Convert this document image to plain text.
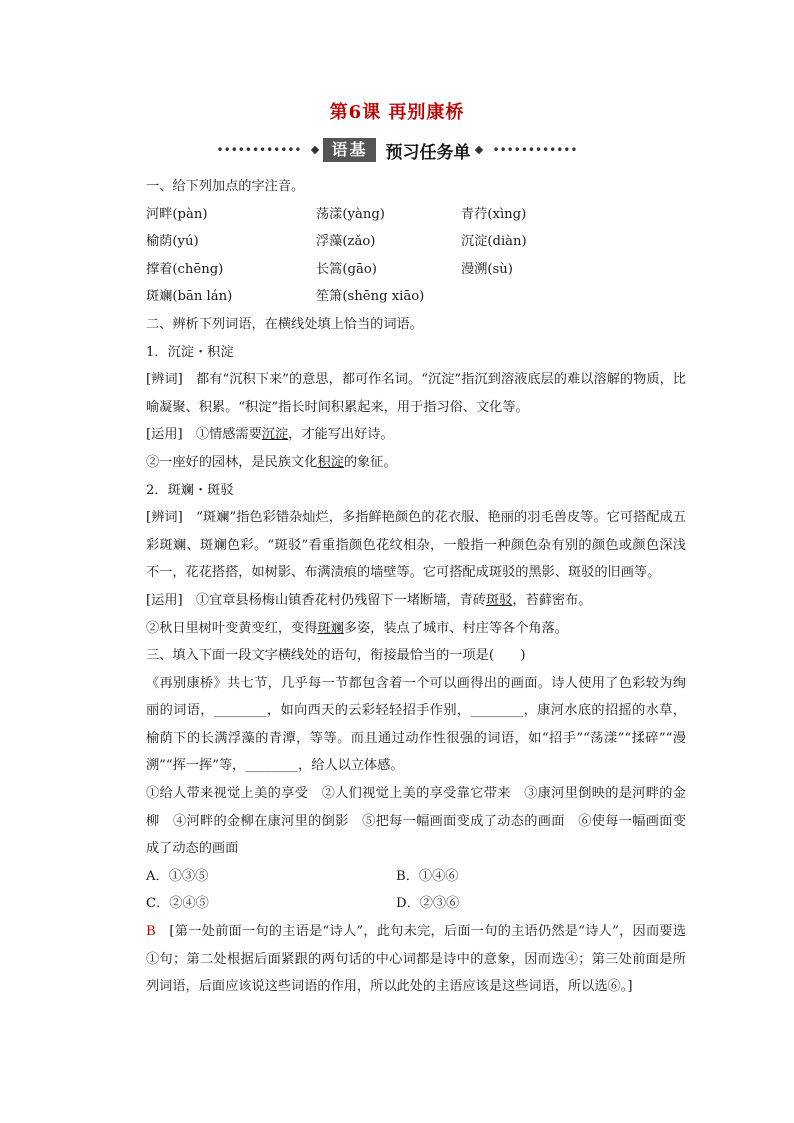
第6课 再别康桥
••••••••••••	语基	预习任务单 ••••••••••••
一、给下列加点的字注音。
河畔(pàn)	荡漾(yàng)	青荇(xìng)
榆荫(yú)	浮藻(zǎo)	沉淀(diàn)
撑着(chēng)	长篙(gāo)	漫溯(sù)
斑斓(bān lán)	笙箫(shēng xiāo)
二、辨析下列词语，在横线处填上恰当的词语。
1．沉淀・积淀
[辨词]　都有“沉积下来”的意思，都可作名词。“沉淀”指沉到溶液底层的难以溶解的物质，比喻凝聚、积累。“积淀”指长时间积累起来，用于指习俗、文化等。
[运用]　①情感需要沉淀，才能写出好诗。
②一座好的园林，是民族文化积淀的象征。
2．斑斓・斑驳
[辨词]　“斑斓”指色彩错杂灿烂，多指鲜艳颜色的花衣服、艳丽的羽毛兽皮等。它可搭配成五彩斑斓、斑斓色彩。“斑驳”看重指颜色花纹相杂，一般指一种颜色杂有别的颜色或颜色深浅不一，花花搭搭，如树影、布满渍痕的墙壁等。它可搭配成斑驳的黑影、斑驳的旧画等。
[运用]　①宜章县杨梅山镇香花村仍残留下一堵断墙，青砖斑驳，苔藓密布。
②秋日里树叶变黄变红，变得斑斓多姿，装点了城市、村庄等各个角落。
三、填入下面一段文字横线处的语句，衔接最恰当的一项是(　　)
《再别康桥》共七节，几乎每一节都包含着一个可以画得出的画面。诗人使用了色彩较为绚丽的词语，________，如向西天的云彩轻轻招手作别，________，康河水底的招摇的水草，榆荫下的长满浮藻的青潭，等等。而且通过动作性很强的词语，如“招手”“荡漾”“揉碎”“漫溯”“挥一挥”等，________，给人以立体感。
①给人带来视觉上美的享受　②人们视觉上美的享受靠它带来　③康河里倒映的是河畔的金柳　④河畔的金柳在康河里的倒影　⑤把每一幅画面变成了动态的画面　⑥使每一幅画面变成了动态的画面
A．①③⑤	B．①④⑥
C．②④⑤	D．②③⑥
B　 [第一处前面一句的主语是“诗人”，此句未完，后面一句的主语仍然是“诗人”，因而要选①句；第二处根据后面紧跟的两句话的中心词都是诗中的意象，因而选④；第三处前面是所列词语，后面应该说这些词语的作用，所以此处的主语应该是这些词语，所以选⑥。]
